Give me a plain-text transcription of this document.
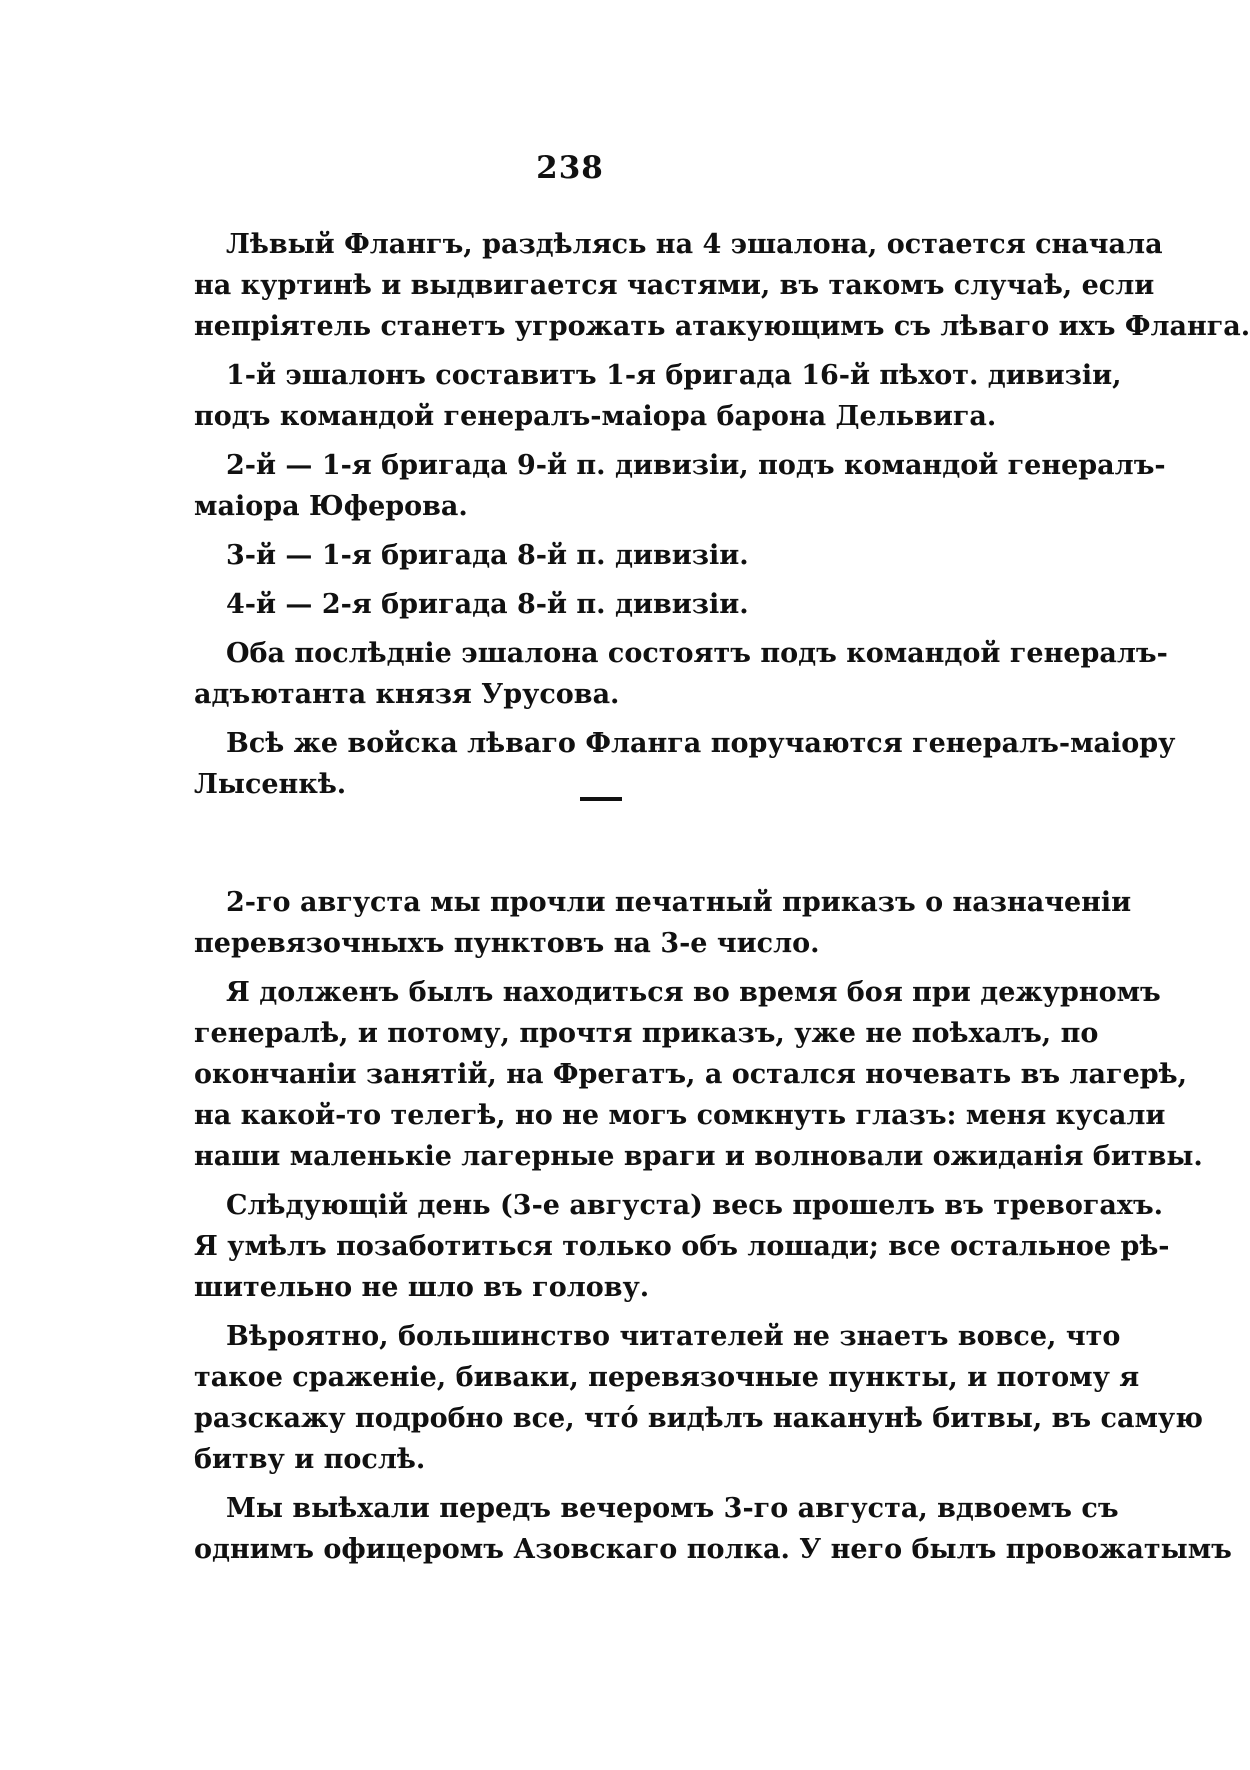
238
Лѣвый Флангъ, раздѣлясь на 4 эшалона, остается сначала
на куртинѣ и выдвигается частями, въ такомъ случаѣ, если
непріятель станетъ угрожать атакующимъ съ лѣваго ихъ Фланга.
1-й эшалонъ составитъ 1-я бригада 16-й пѣхот. дивизіи,
подъ командой генералъ-маіора барона Дельвига.
2-й — 1-я бригада 9-й п. дивизіи, подъ командой генералъ-
маіора Юферова.
3-й — 1-я бригада 8-й п. дивизіи.
4-й — 2-я бригада 8-й п. дивизіи.
Оба послѣдніе эшалона состоятъ подъ командой генералъ-
адъютанта князя Урусова.
Всѣ же войска лѣваго Фланга поручаются генералъ-маіору
Лысенкѣ.
2-го августа мы прочли печатный приказъ о назначеніи
перевязочныхъ пунктовъ на 3-е число.
Я долженъ былъ находиться во время боя при дежурномъ
генералѣ, и потому, прочтя приказъ, уже не поѣхалъ, по
окончаніи занятій, на Фрегатъ, а остался ночевать въ лагерѣ,
на какой-то телегѣ, но не могъ сомкнуть глазъ: меня кусали
наши маленькіе лагерные враги и волновали ожиданія битвы.
Слѣдующій день (3-е августа) весь прошелъ въ тревогахъ.
Я умѣлъ позаботиться только объ лошади; все остальное рѣ-
шительно не шло въ голову.
Вѣроятно, большинство читателей не знаетъ вовсе, что
такое сраженіе, биваки, перевязочные пункты, и потому я
разскажу подробно все, что́ видѣлъ наканунѣ битвы, въ самую
битву и послѣ.
Мы выѣхали передъ вечеромъ 3-го августа, вдвоемъ съ
однимъ офицеромъ Азовскаго полка. У него былъ провожатымъ
